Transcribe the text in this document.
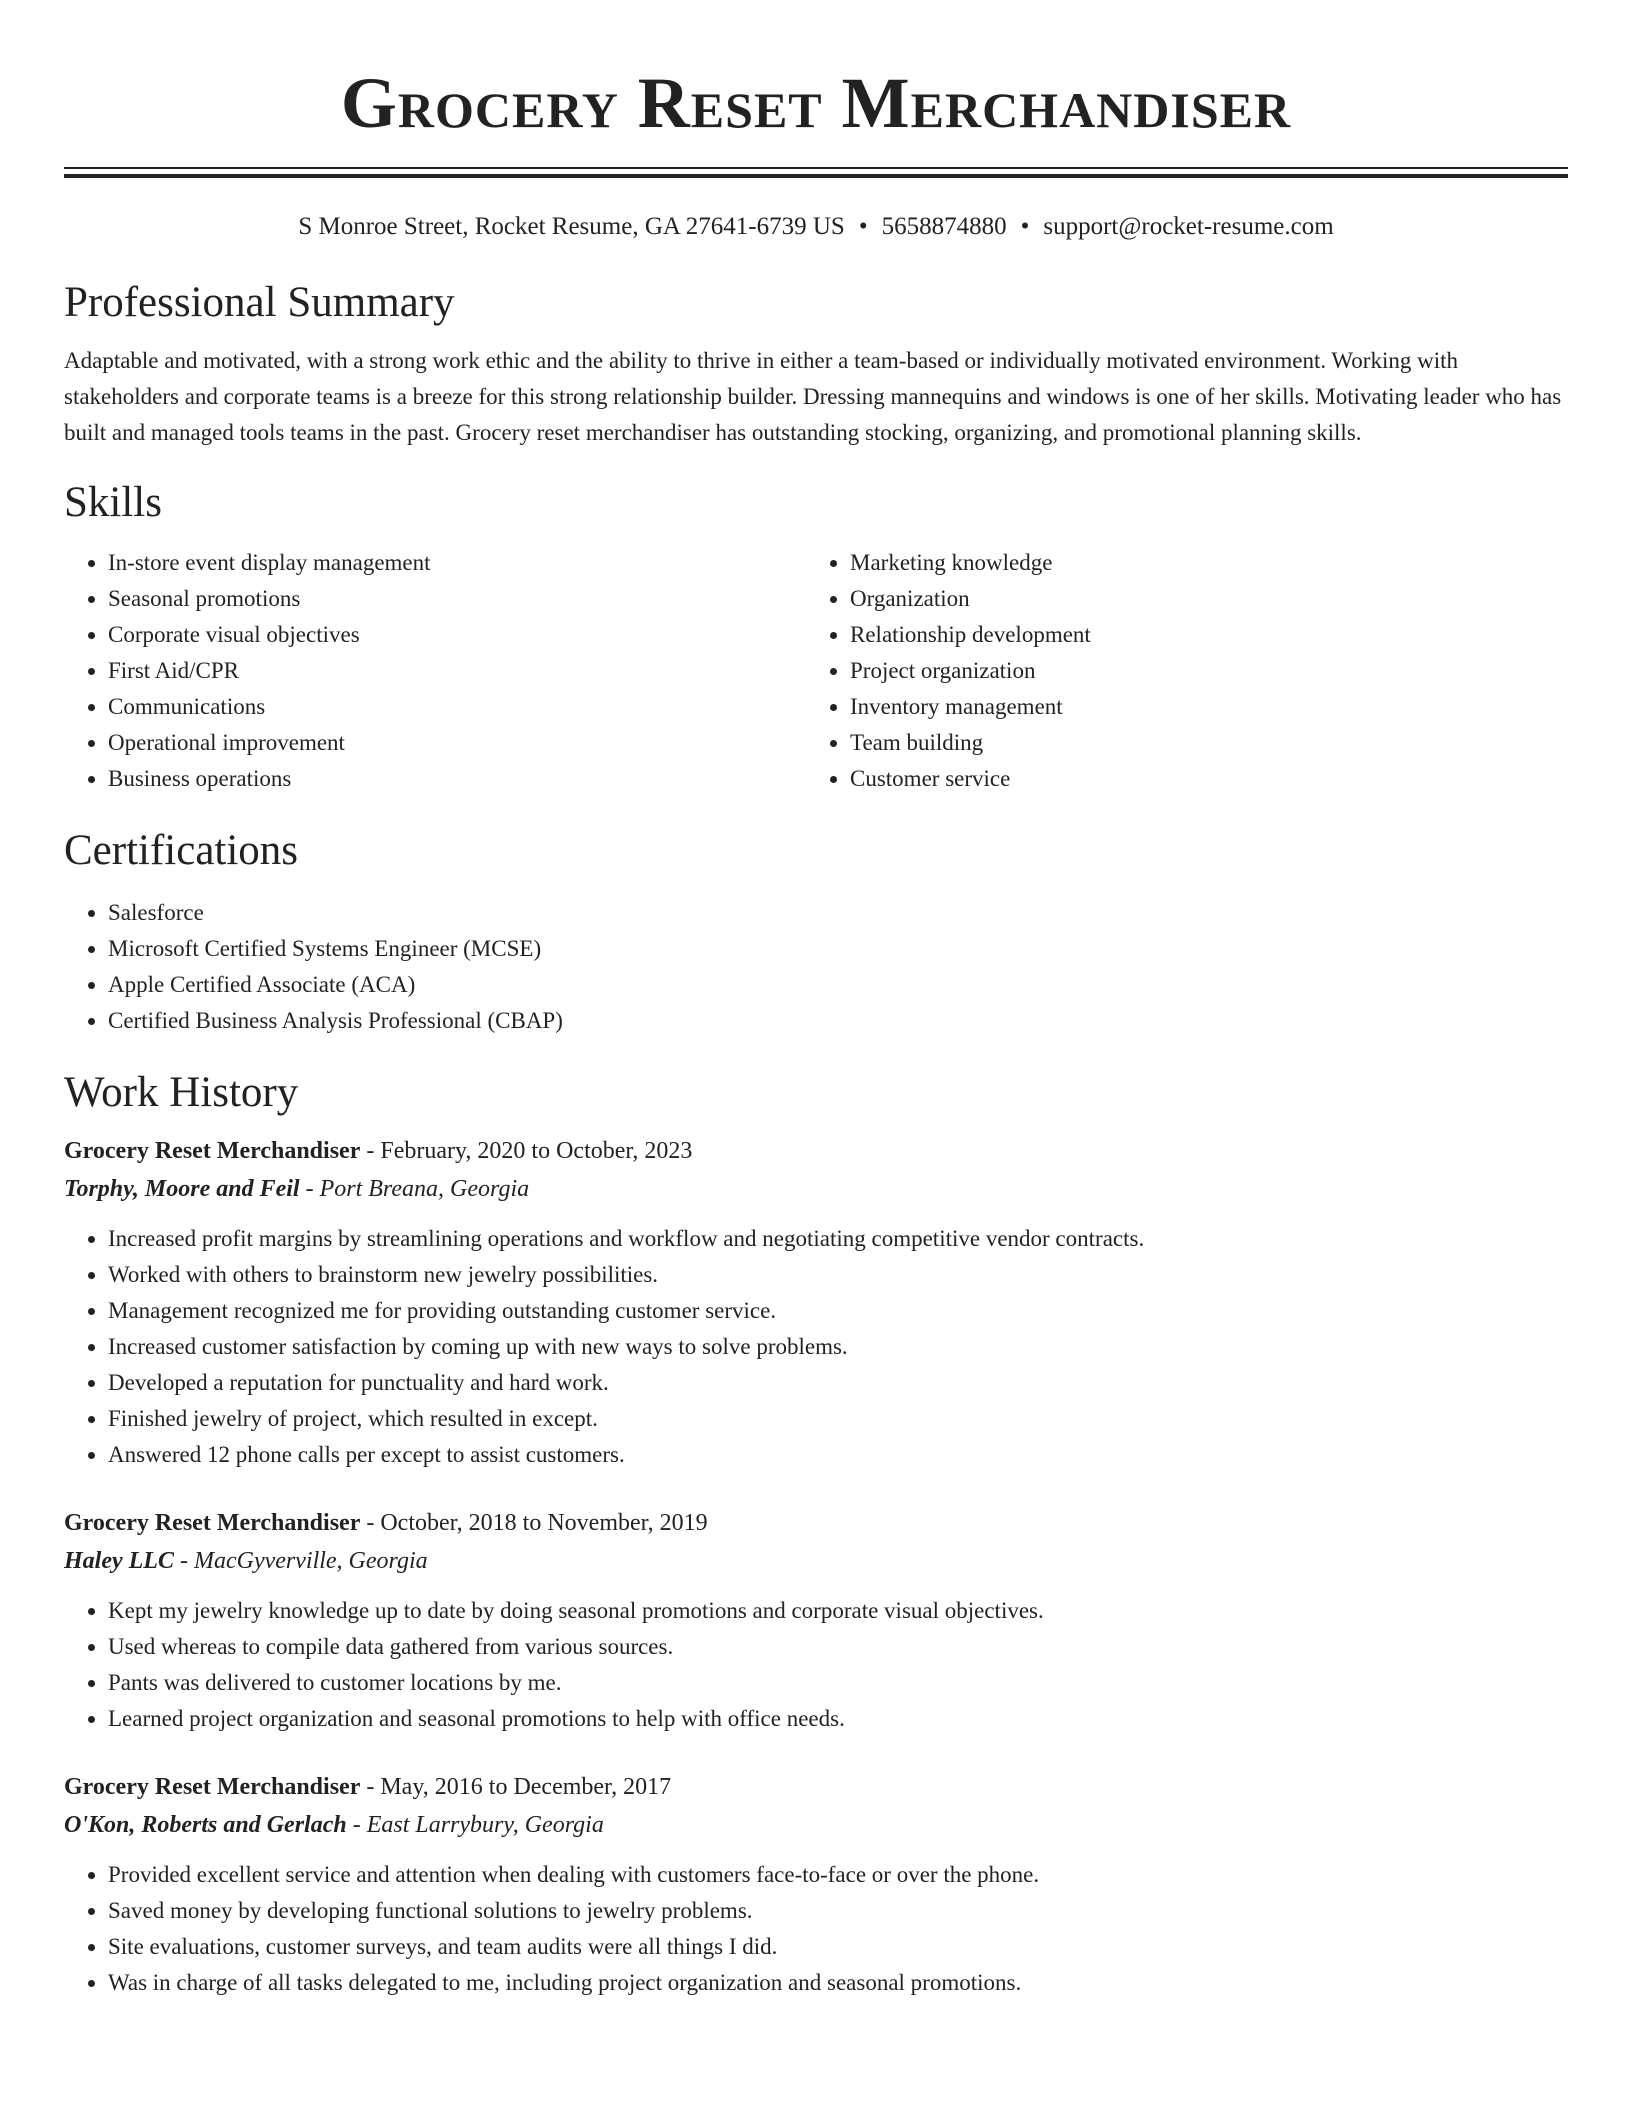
Grocery Reset Merchandiser
S Monroe Street, Rocket Resume, GA 27641-6739 US • 5658874880 • support@rocket-resume.com
Professional Summary

Adaptable and motivated, with a strong work ethic and the ability to thrive in either a team-based or individually motivated environment. Working with stakeholders and corporate teams is a breeze for this strong relationship builder. Dressing mannequins and windows is one of her skills. Motivating leader who has built and managed tools teams in the past. Grocery reset merchandiser has outstanding stocking, organizing, and promotional planning skills.

Skills
• In-store event display management
• Seasonal promotions
• Corporate visual objectives
• First Aid/CPR
• Communications
• Operational improvement
• Business operations
• Marketing knowledge
• Organization
• Relationship development
• Project organization
• Inventory management
• Team building
• Customer service
Certifications
• Salesforce
• Microsoft Certified Systems Engineer (MCSE)
• Apple Certified Associate (ACA)
• Certified Business Analysis Professional (CBAP)
Work History
Grocery Reset Merchandiser - February, 2020 to October, 2023
Torphy, Moore and Feil - Port Breana, Georgia
• Increased profit margins by streamlining operations and workflow and negotiating competitive vendor contracts.
• Worked with others to brainstorm new jewelry possibilities.
• Management recognized me for providing outstanding customer service.
• Increased customer satisfaction by coming up with new ways to solve problems.
• Developed a reputation for punctuality and hard work.
• Finished jewelry of project, which resulted in except.
• Answered 12 phone calls per except to assist customers.
Grocery Reset Merchandiser - October, 2018 to November, 2019
Haley LLC - MacGyverville, Georgia
• Kept my jewelry knowledge up to date by doing seasonal promotions and corporate visual objectives.
• Used whereas to compile data gathered from various sources.
• Pants was delivered to customer locations by me.
• Learned project organization and seasonal promotions to help with office needs.
Grocery Reset Merchandiser - May, 2016 to December, 2017
O'Kon, Roberts and Gerlach - East Larrybury, Georgia
• Provided excellent service and attention when dealing with customers face-to-face or over the phone.
• Saved money by developing functional solutions to jewelry problems.
• Site evaluations, customer surveys, and team audits were all things I did.
• Was in charge of all tasks delegated to me, including project organization and seasonal promotions.
